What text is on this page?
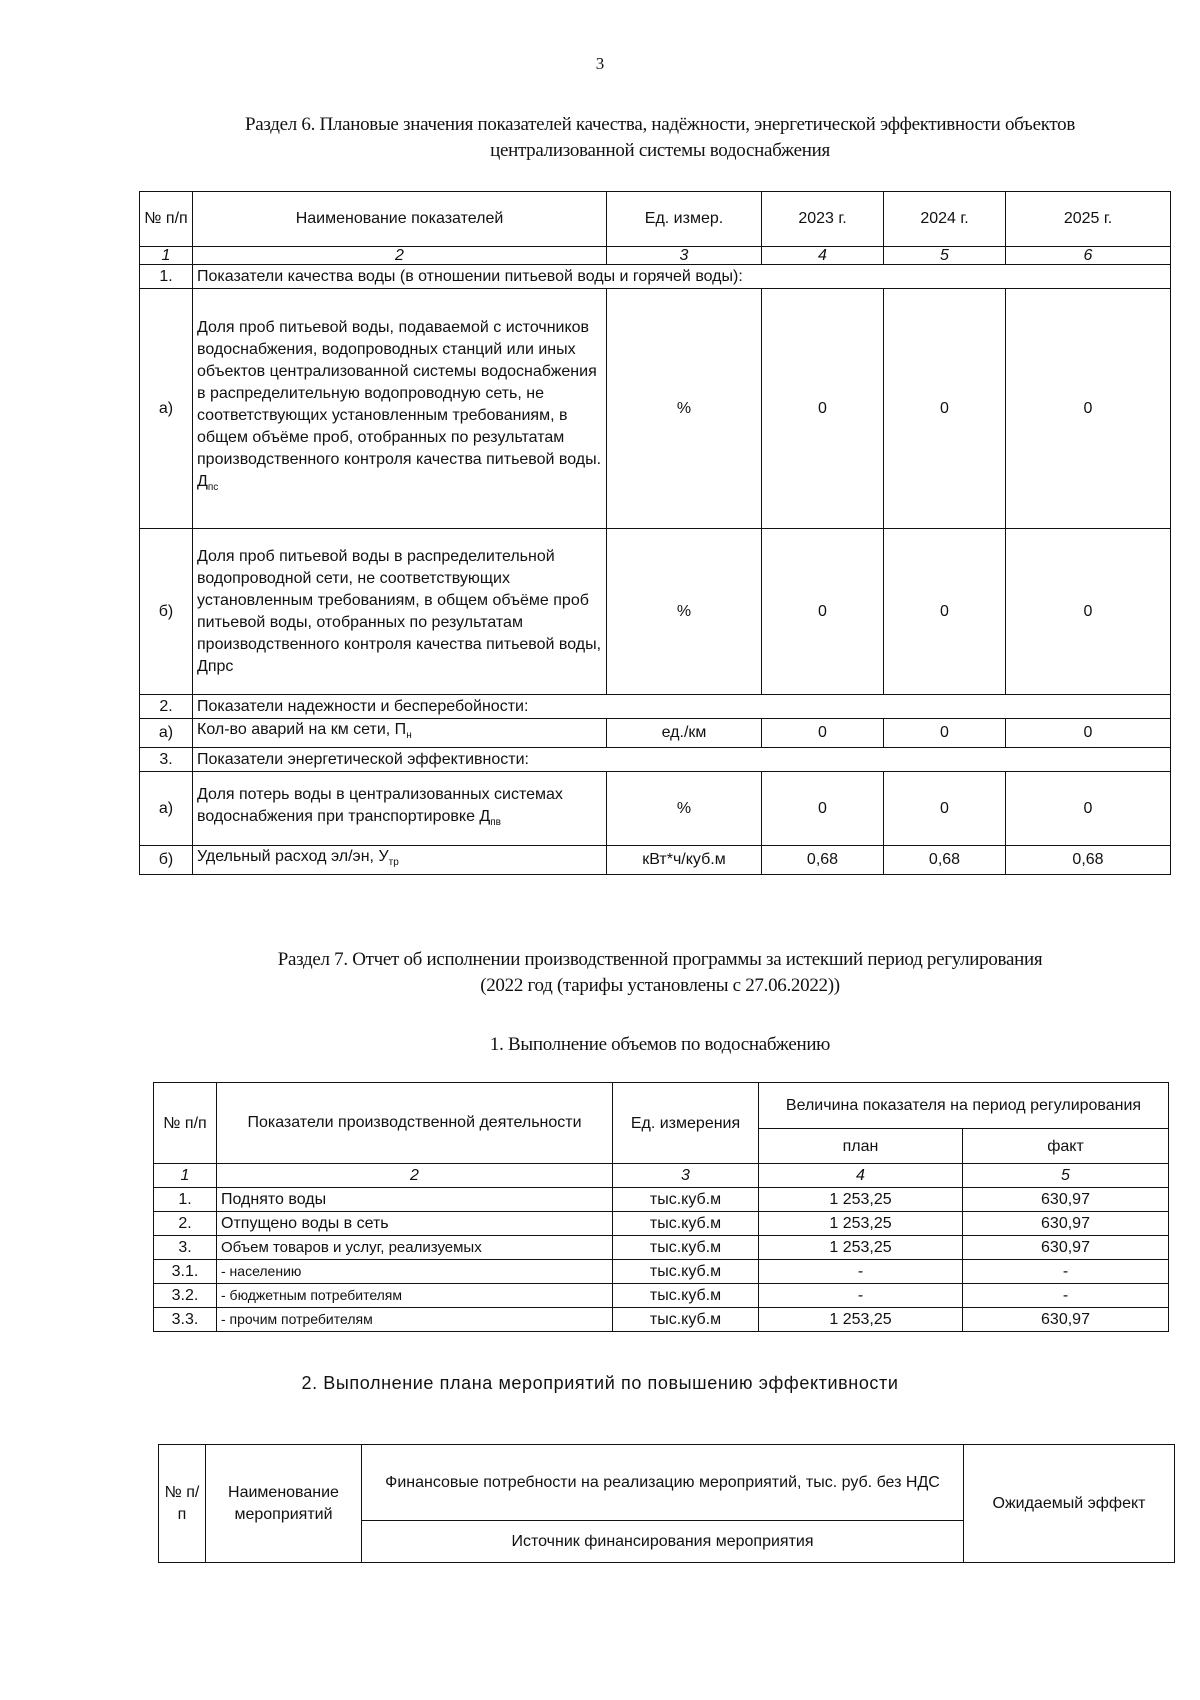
3
Раздел 6. Плановые значения показателей качества, надёжности, энергетической эффективности объектов
централизованной системы водоснабжения
№ п/п	Наименование показателей	Ед. измер.	2023 г.	2024 г.	2025 г.
1	2	3	4	5	6
1.	Показатели качества воды (в отношении питьевой воды и горячей воды):				
а)	Доля проб питьевой воды, подаваемой с источников водоснабжения, водопроводных станций или иных объектов централизованной системы водоснабжения в распределительную водопроводную сеть, не соответствующих установленным требованиям, в общем объёме проб, отобранных по результатам производственного контроля качества питьевой воды. $Д_{пс}$	%	0	0	0
б)	Доля проб питьевой воды в распределительной водопроводной сети, не соответствующих установленным требованиям, в общем объёме проб питьевой воды, отобранных по результатам производственного контроля качества питьевой воды, Дпрс	%	0	0	0
2.	Показатели надежности и бесперебойности:				
а)	Кол-во аварий на км сети, $П_н$	ед./км	0	0	0
3.	Показатели энергетической эффективности:				
а)	Доля потерь воды в централизованных системах водоснабжения при транспортировке $Д_{пв}$	%	0	0	0
б)	Удельный расход эл/эн, $У_{тр}$	кВт*ч/куб.м	0,68	0,68	0,68
Раздел 7. Отчет об исполнении производственной программы за истекший период регулирования
(2022 год (тарифы установлены с 27.06.2022))
1. Выполнение объемов по водоснабжению
№ п/п	Показатели производственной деятельности	Ед. измерения	Величина показателя на период регулирования	
			план	факт
1	2	3	4	5
1.	Поднято воды	тыс.куб.м	1 253,25	630,97
2.	Отпущено воды в сеть	тыс.куб.м	1 253,25	630,97
3.	Объем товаров и услуг, реализуемых	тыс.куб.м	1 253,25	630,97
3.1.	- населению	тыс.куб.м	-	-
3.2.	- бюджетным потребителям	тыс.куб.м	-	-
3.3.	- прочим потребителям	тыс.куб.м	1 253,25	630,97
2. Выполнение плана мероприятий по повышению эффективности
№ п/п	Наименование мероприятий	Финансовые потребности на реализацию мероприятий, тыс. руб. без НДС	Ожидаемый эффект
Источник финансирования мероприятия
